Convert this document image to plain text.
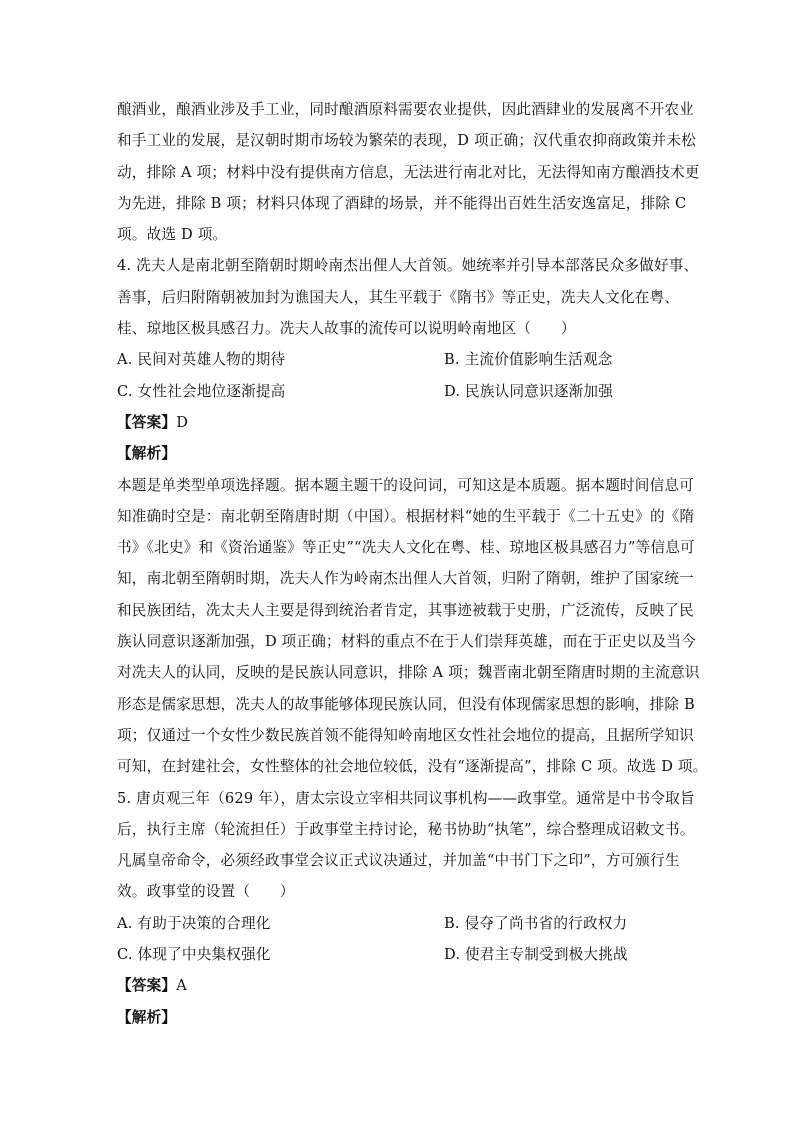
酿酒业，酿酒业涉及手工业，同时酿酒原料需要农业提供，因此酒肆业的发展离不开农业

和手工业的发展，是汉朝时期市场较为繁荣的表现，D 项正确；汉代重农抑商政策并未松

动，排除 A 项；材料中没有提供南方信息，无法进行南北对比，无法得知南方酿酒技术更

为先进，排除 B 项；材料只体现了酒肆的场景，并不能得出百姓生活安逸富足，排除 C

项。故选 D 项。

4. 冼夫人是南北朝至隋朝时期岭南杰出俚人大首领。她统率并引导本部落民众多做好事、

善事，后归附隋朝被加封为谯国夫人，其生平载于《隋书》等正史，冼夫人文化在粤、

桂、琼地区极具感召力。冼夫人故事的流传可以说明岭南地区（　　）

A. 民间对英雄人物的期待	B. 主流价值影响生活观念
C. 女性社会地位逐渐提高	D. 民族认同意识逐渐加强

【答案】D

【解析】

本题是单类型单项选择题。据本题主题干的设问词，可知这是本质题。据本题时间信息可

知准确时空是：南北朝至隋唐时期（中国）。根据材料“她的生平载于《二十五史》的《隋

书》《北史》和《资治通鉴》等正史”“冼夫人文化在粤、桂、琼地区极具感召力”等信息可

知，南北朝至隋朝时期，冼夫人作为岭南杰出俚人大首领，归附了隋朝，维护了国家统一

和民族团结，冼太夫人主要是得到统治者肯定，其事迹被载于史册，广泛流传，反映了民

族认同意识逐渐加强，D 项正确；材料的重点不在于人们崇拜英雄，而在于正史以及当今

对冼夫人的认同，反映的是民族认同意识，排除 A 项；魏晋南北朝至隋唐时期的主流意识

形态是儒家思想，冼夫人的故事能够体现民族认同，但没有体现儒家思想的影响，排除 B

项；仅通过一个女性少数民族首领不能得知岭南地区女性社会地位的提高，且据所学知识

可知，在封建社会，女性整体的社会地位较低，没有“逐渐提高”，排除 C 项。故选 D 项。

5. 唐贞观三年（629 年），唐太宗设立宰相共同议事机构——政事堂。通常是中书令取旨

后，执行主席（轮流担任）于政事堂主持讨论，秘书协助“执笔”，综合整理成诏敕文书。

凡属皇帝命令，必须经政事堂会议正式议决通过，并加盖“中书门下之印”，方可颁行生

效。政事堂的设置（　　）

A. 有助于决策的合理化	B. 侵夺了尚书省的行政权力
C. 体现了中央集权强化	D. 使君主专制受到极大挑战

【答案】A

【解析】
